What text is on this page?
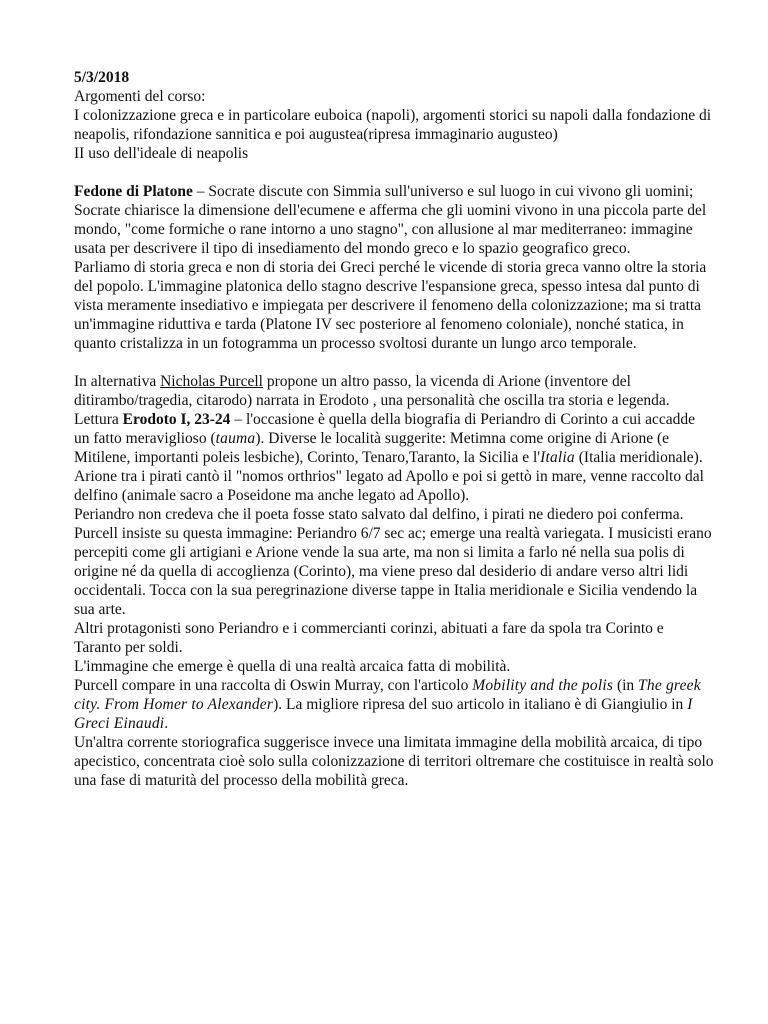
5/3/2018

Argomenti del corso:

I colonizzazione greca e in particolare euboica (napoli), argomenti storici su napoli dalla fondazione di neapolis, rifondazione sannitica e poi augustea(ripresa immaginario augusteo)

II uso dell'ideale di neapolis

Fedone di Platone – Socrate discute con Simmia sull'universo e sul luogo in cui vivono gli uomini; Socrate chiarisce la dimensione dell'ecumene e afferma che gli uomini vivono in una piccola parte del mondo, "come formiche o rane intorno a uno stagno", con allusione al mar mediterraneo: immagine usata per descrivere il tipo di insediamento del mondo greco e lo spazio geografico greco.

Parliamo di storia greca e non di storia dei Greci perché le vicende di storia greca vanno oltre la storia del popolo. L'immagine platonica dello stagno descrive l'espansione greca, spesso intesa dal punto di vista meramente insediativo e impiegata per descrivere il fenomeno della colonizzazione; ma si tratta un'immagine riduttiva e tarda (Platone IV sec posteriore al fenomeno coloniale), nonché statica, in quanto cristalizza in un fotogramma un processo svoltosi durante un lungo arco temporale.

In alternativa Nicholas Purcell propone un altro passo, la vicenda di Arione (inventore del ditirambo/tragedia, citarodo) narrata in Erodoto , una personalità che oscilla tra storia e legenda.

Lettura Erodoto I, 23-24 – l'occasione è quella della biografia di Periandro di Corinto a cui accadde un fatto meraviglioso (tauma). Diverse le località suggerite: Metimna come origine di Arione (e Mitilene, importanti poleis lesbiche), Corinto, Tenaro,Taranto, la Sicilia e l'Italia (Italia meridionale).

Arione tra i pirati cantò il "nomos orthrios" legato ad Apollo e poi si gettò in mare, venne raccolto dal delfino (animale sacro a Poseidone ma anche legato ad Apollo).

Periandro non credeva che il poeta fosse stato salvato dal delfino, i pirati ne diedero poi conferma.

Purcell insiste su questa immagine: Periandro 6/7 sec ac; emerge una realtà variegata. I musicisti erano percepiti come gli artigiani e Arione vende la sua arte, ma non si limita a farlo né nella sua polis di origine né da quella di accoglienza (Corinto), ma viene preso dal desiderio di andare verso altri lidi occidentali. Tocca con la sua peregrinazione diverse tappe in Italia meridionale e Sicilia vendendo la sua arte.

Altri protagonisti sono Periandro e i commercianti corinzi, abituati a fare da spola tra Corinto e Taranto per soldi.

L'immagine che emerge è quella di una realtà arcaica fatta di mobilità.

Purcell compare in una raccolta di Oswin Murray, con l'articolo Mobility and the polis (in The greek city. From Homer to Alexander). La migliore ripresa del suo articolo in italiano è di Giangiulio in I Greci Einaudi.

Un'altra corrente storiografica suggerisce invece una limitata immagine della mobilità arcaica, di tipo apecistico, concentrata cioè solo sulla colonizzazione di territori oltremare che costituisce in realtà solo una fase di maturità del processo della mobilità greca.
